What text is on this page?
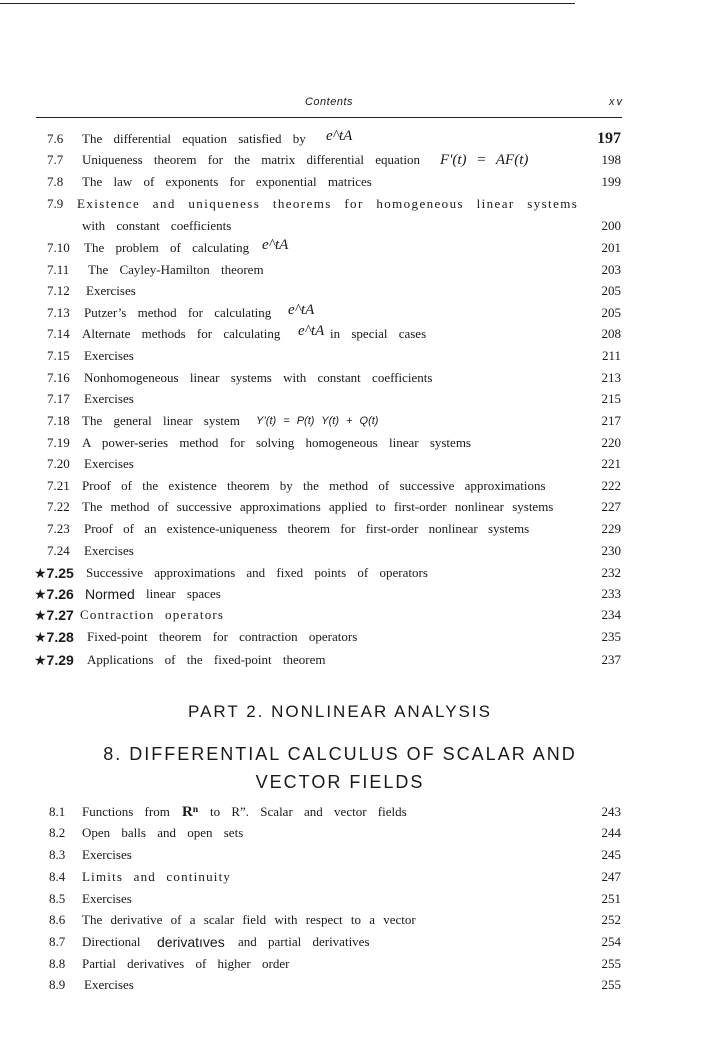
Contents	xv
7.6 The differential equation satisfied by e^tA	197
7.7 Uniqueness theorem for the matrix differential equation F'(t) = AF(t)	198
7.8 The law of exponents for exponential matrices	199
7.9 Existence and uniqueness theorems for homogeneous linear systems
with constant coefficients	200
7.10 The problem of calculating e^tA	201
7.11 The Cayley-Hamilton theorem	203
7.12 Exercises	205
7.13 Putzer’s method for calculating e^tA	205
7.14 Alternate methods for calculating e^tA in special cases	208
7.15 Exercises	211
7.16 Nonhomogeneous linear systems with constant coefficients	213
7.17 Exercises	215
7.18 The general linear system Y’(t) = P(t) Y(t) + Q(t)	217
7.19 A power-series method for solving homogeneous linear systems	220
7.20 Exercises	221
7.21 Proof of the existence theorem by the method of successive approximations	222
7.22 The method of successive approximations applied to first-order nonlinear systems	227
7.23 Proof of an existence-uniqueness theorem for first-order nonlinear systems	229
7.24 Exercises	230
★7.25 Successive approximations and fixed points of operators	232
★7.26 Normed linear spaces	233
★7.27 Contraction operators	234
★7.28 Fixed-point theorem for contraction operators	235
★7.29 Applications of the fixed-point theorem	237
PART 2. NONLINEAR ANALYSIS
8. DIFFERENTIAL CALCULUS OF SCALAR AND
VECTOR FIELDS
8.1 Functions from Rⁿ to R”. Scalar and vector fields	243
8.2 Open balls and open sets	244
8.3 Exercises	245
8.4 Limits and continuity	247
8.5 Exercises	251
8.6 The derivative of a scalar field with respect to a vector	252
8.7 Directional derivatıves and partial derivatives	254
8.8 Partial derivatives of higher order	255
8.9 Exercises	255
